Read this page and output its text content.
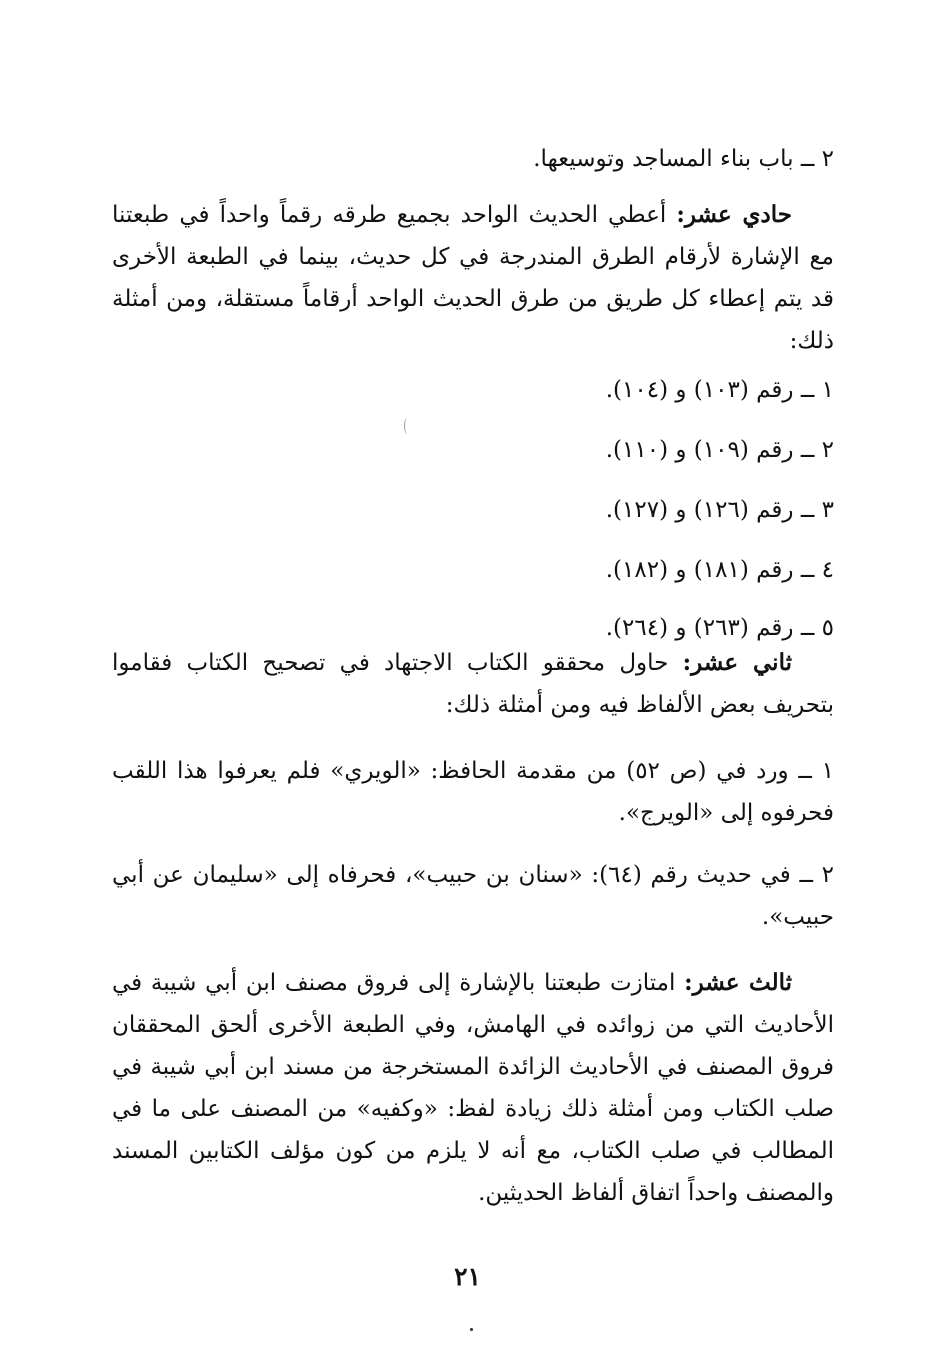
٢ ــ باب بناء المساجد وتوسيعها.

حادي عشر: أعطي الحديث الواحد بجميع طرقه رقماً واحداً في طبعتنا مع الإشارة لأرقام الطرق المندرجة في كل حديث، بينما في الطبعة الأخرى قد يتم إعطاء كل طريق من طرق الحديث الواحد أرقاماً مستقلة، ومن أمثلة ذلك:

١ ــ رقم (١٠٣) و (١٠٤).

٢ ــ رقم (١٠٩) و (١١٠).

٣ ــ رقم (١٢٦) و (١٢٧).

٤ ــ رقم (١٨١) و (١٨٢).

٥ ــ رقم (٢٦٣) و (٢٦٤).

ثاني عشر: حاول محققو الكتاب الاجتهاد في تصحيح الكتاب فقاموا بتحريف بعض الألفاظ فيه ومن أمثلة ذلك:

١ ــ ورد في (ص ٥٢) من مقدمة الحافظ: «الويري» فلم يعرفوا هذا اللقب فحرفوه إلى «الويرج».

٢ ــ في حديث رقم (٦٤): «سنان بن حبيب»، فحرفاه إلى «سليمان عن أبي حبيب».

ثالث عشر: امتازت طبعتنا بالإشارة إلى فروق مصنف ابن أبي شيبة في الأحاديث التي من زوائده في الهامش، وفي الطبعة الأخرى ألحق المحققان فروق المصنف في الأحاديث الزائدة المستخرجة من مسند ابن أبي شيبة في صلب الكتاب ومن أمثلة ذلك زيادة لفظ: «وكفيه» من المصنف على ما في المطالب في صلب الكتاب، مع أنه لا يلزم من كون مؤلف الكتابين المسند والمصنف واحداً اتفاق ألفاظ الحديثين.

٢١
